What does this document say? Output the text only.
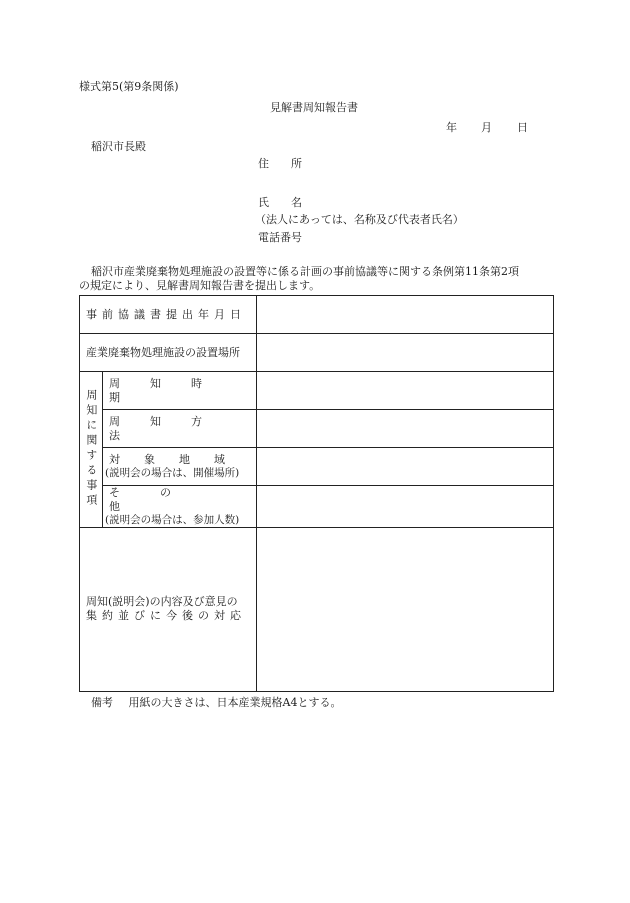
様式第5(第9条関係)
見解書周知報告書
年 月 日
稲沢市長殿
住　　所
氏　　名
（法人にあっては、名称及び代表者氏名）
電話番号
稲沢市産業廃棄物処理施設の設置等に係る計画の事前協議等に関する条例第11条第2項
の規定により、見解書周知報告書を提出します。
事前協議書提出年月日		

産業廃棄物処理施設の設置場所		
周知に関する事項	周知時期	

	周知方法	

	対象地域
(説明会の場合は、開催場所)	

	その他
(説明会の場合は、参加人数)	

周知(説明会)の内容及び意見の
集約並びに今後の対応		

備考 用紙の大きさは、日本産業規格A4とする。
